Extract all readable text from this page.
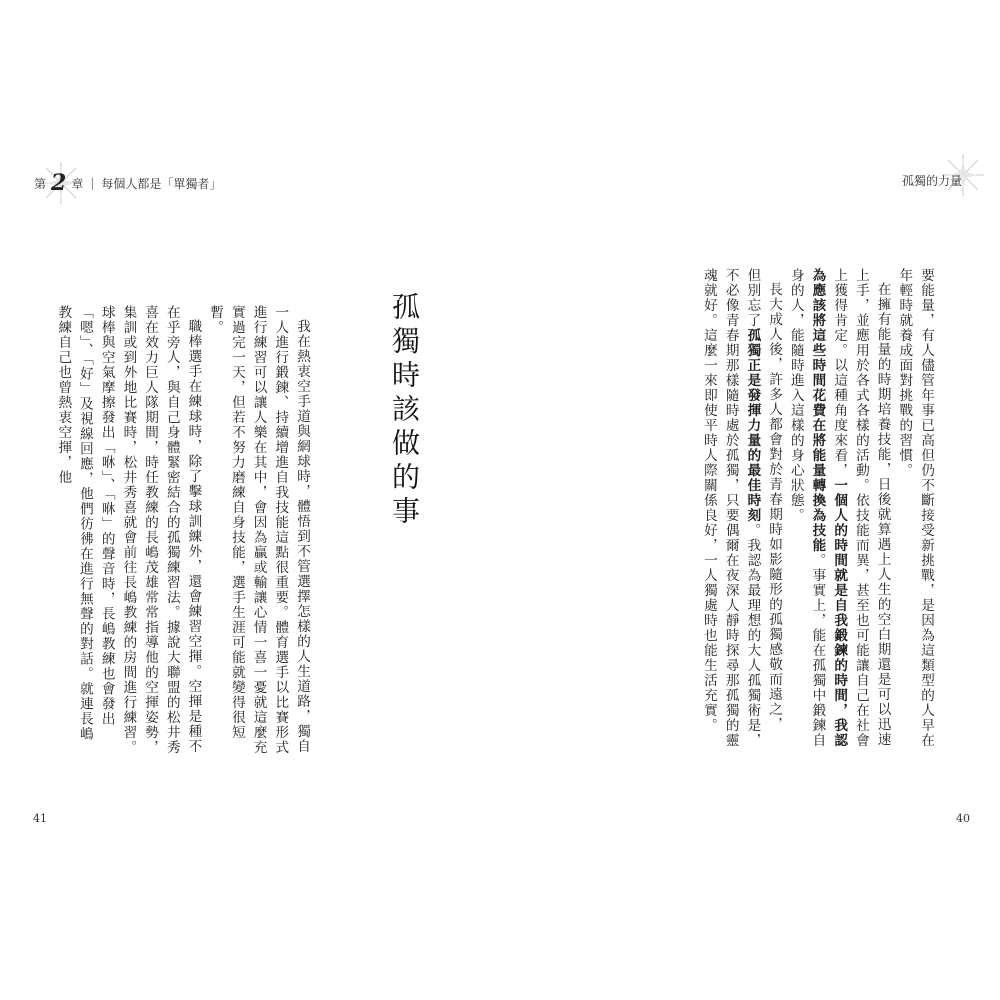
第 2 章 | 每個人都是「單獨者」	孤獨的力量

要能量，有人儘管年事已高但仍不斷接受新挑戰，是因為這類型的人早在年輕時就養成面對挑戰的習慣。

在擁有能量的時期培養技能，日後就算遇上人生的空白期還是可以迅速上手，並應用於各式各樣的活動。依技能而異，甚至也可能讓自己在社會上獲得肯定。以這種角度來看，一個人的時間就是自我鍛鍊的時間，我認為應該將這些時間花費在將能量轉換為技能。事實上，能在孤獨中鍛鍊自身的人，能隨時進入這樣的身心狀態。

長大成人後，許多人都會對於青春期時如影隨形的孤獨感敬而遠之，

但別忘了孤獨正是發揮力量的最佳時刻。我認為最理想的大人孤獨術是，不必像青春期那樣隨時處於孤獨，只要偶爾在夜深人靜時探尋那孤獨的靈魂就好。這麼一來即使平時人際關係良好，一人獨處時也能生活充實。

孤獨時該做的事

我在熱衷空手道與網球時，體悟到不管選擇怎樣的人生道路，獨自一人進行鍛鍊、持續增進自我技能這點很重要。體育選手以比賽形式進行練習可以讓人樂在其中，會因為贏或輸讓心情一喜一憂就這麼充實過完一天，但若不努力磨練自身技能，選手生涯可能就變得很短暫。

職棒選手在練球時，除了擊球訓練外，還會練習空揮。空揮是種不在乎旁人，與自己身體緊密結合的孤獨練習法。據說大聯盟的松井秀喜在效力巨人隊期間，時任教練的長嶋茂雄常常指導他的空揮姿勢，集訓或到外地比賽時，松井秀喜就會前往長嶋教練的房間進行練習。球棒與空氣摩擦發出「咻」、「咻」的聲音時，長嶋教練也會發出「嗯」、「好」及視線回應，他們彷彿在進行無聲的對話。就連長嶋教練自己也曾熱衷空揮，他

41	40
